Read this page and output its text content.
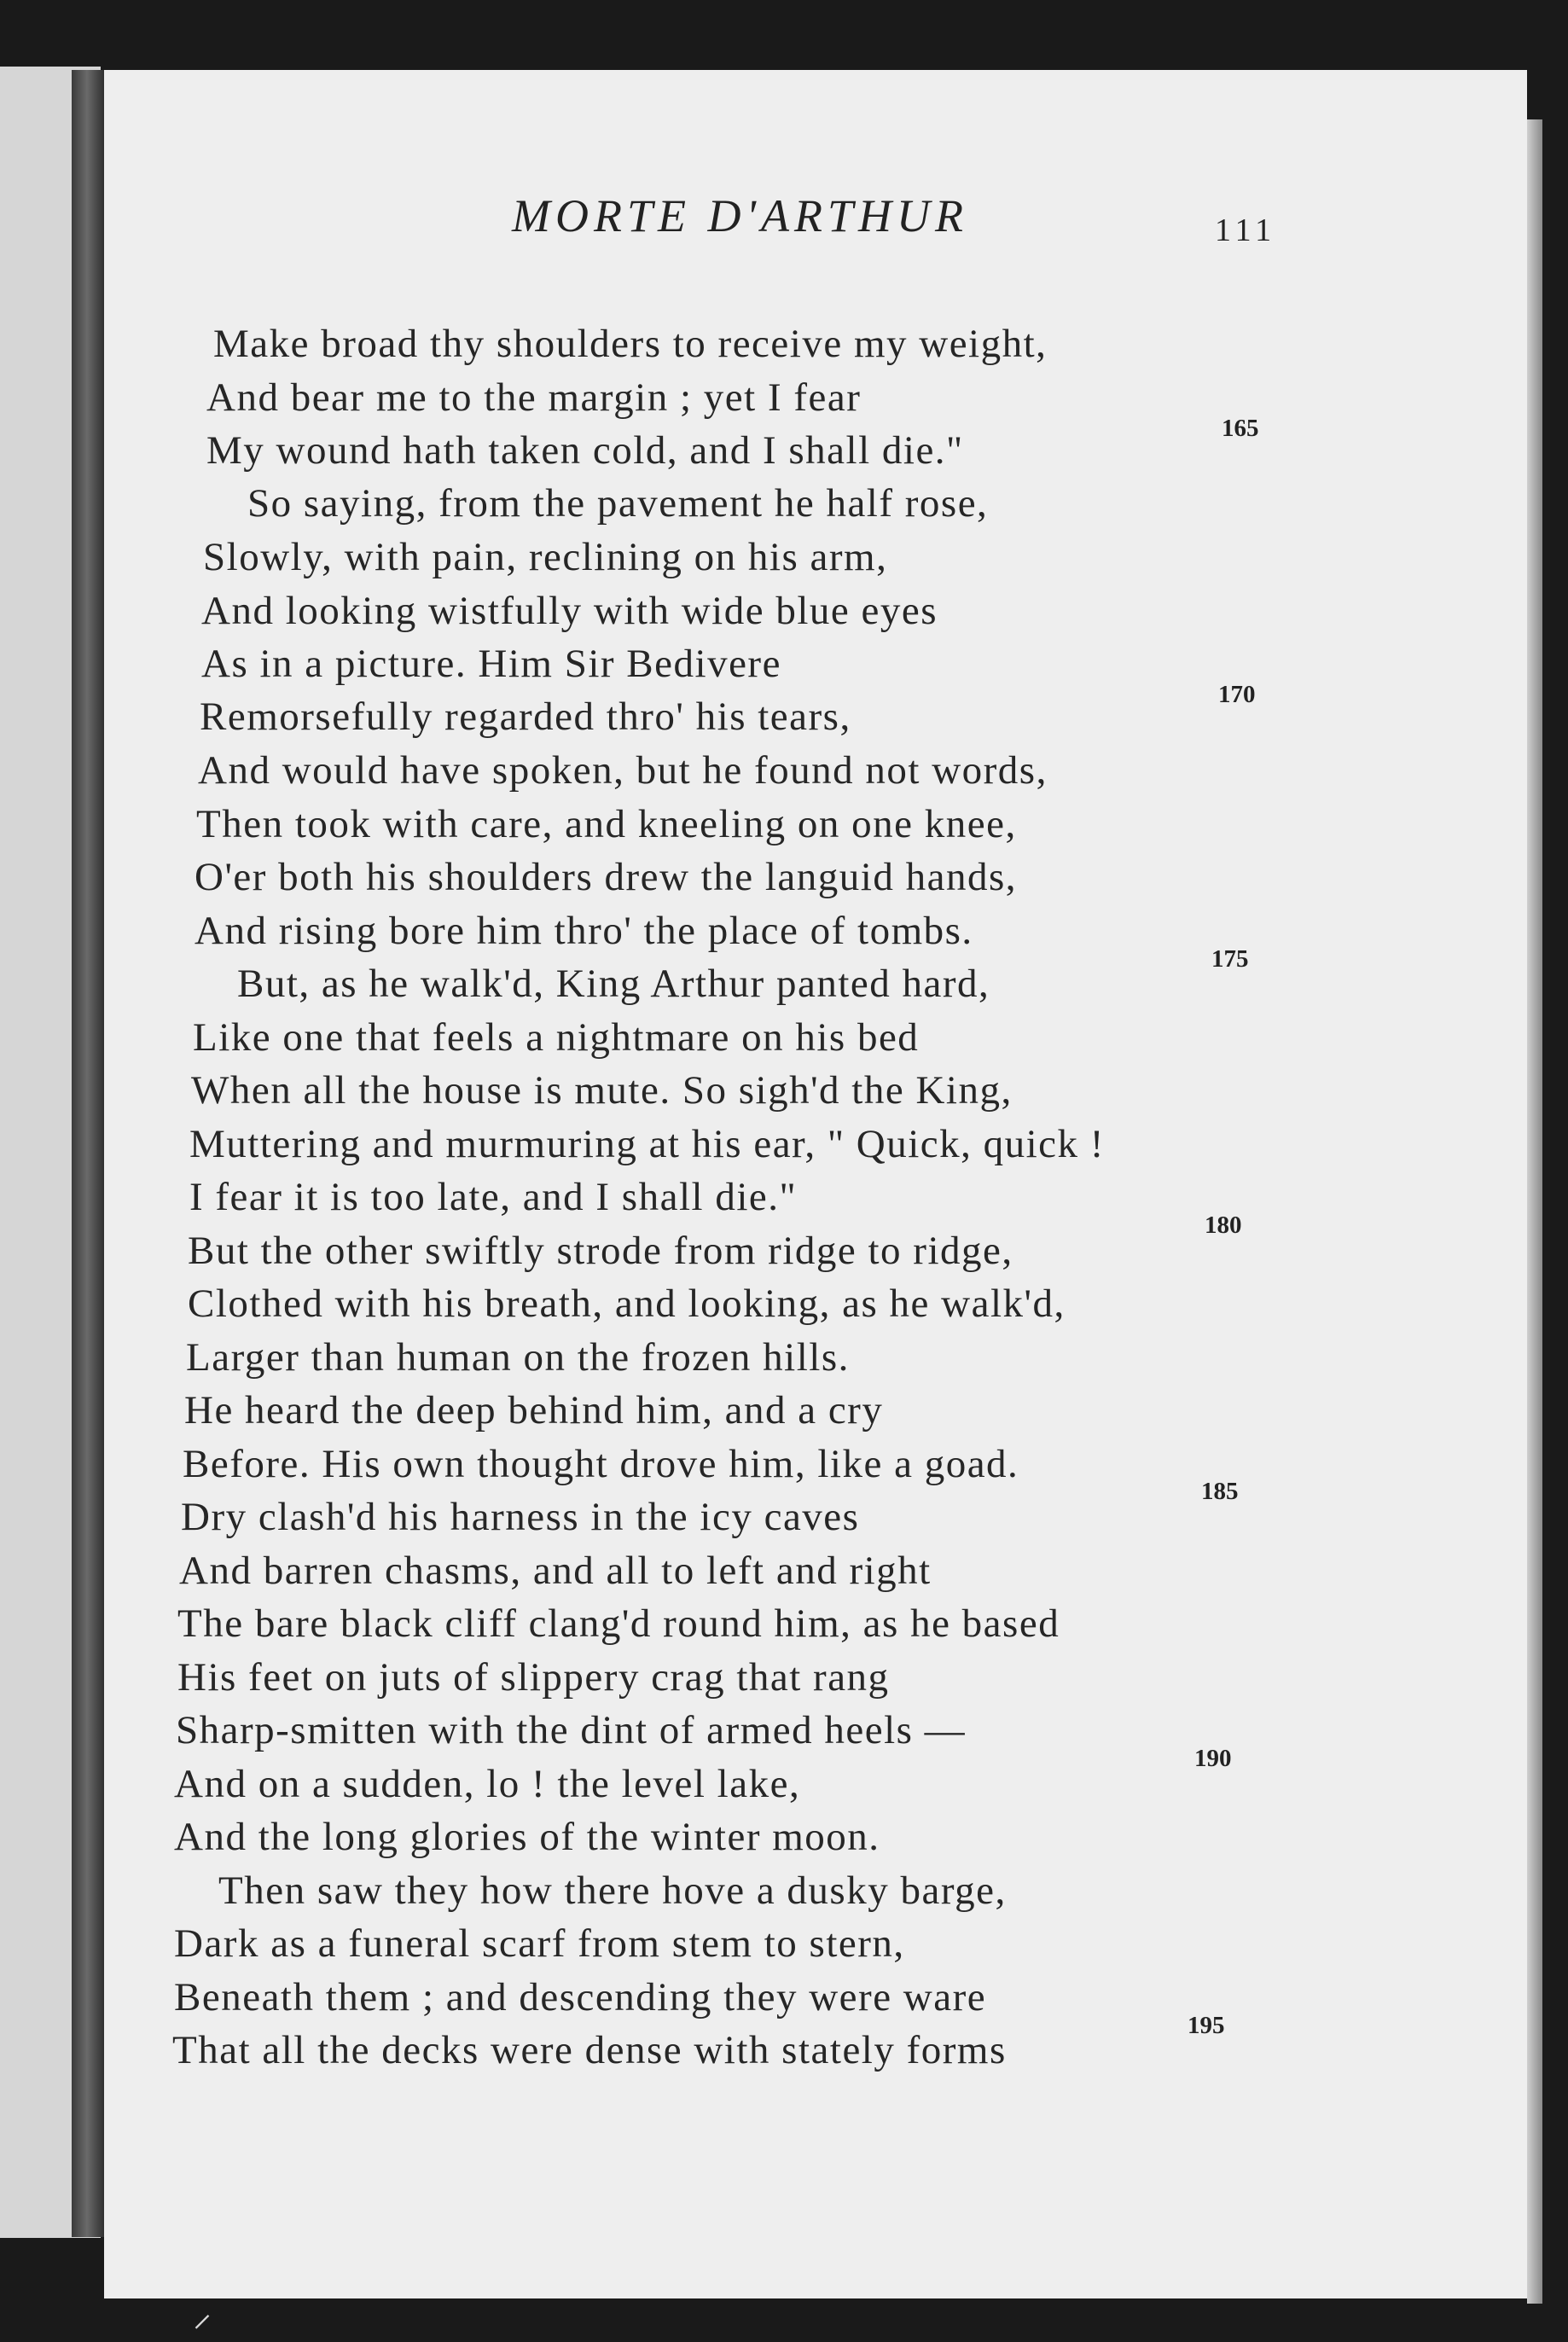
MORTE D'ARTHUR	111
Make broad thy shoulders to receive my weight,
And bear me to the margin ; yet I fear
My wound hath taken cold, and I shall die."
So saying, from the pavement he half rose,
Slowly, with pain, reclining on his arm,
And looking wistfully with wide blue eyes
As in a picture. Him Sir Bedivere
Remorsefully regarded thro' his tears,
And would have spoken, but he found not words,
Then took with care, and kneeling on one knee,
O'er both his shoulders drew the languid hands,
And rising bore him thro' the place of tombs.
But, as he walk'd, King Arthur panted hard,
Like one that feels a nightmare on his bed
When all the house is mute. So sigh'd the King,
Muttering and murmuring at his ear, " Quick, quick !
I fear it is too late, and I shall die."
But the other swiftly strode from ridge to ridge,
Clothed with his breath, and looking, as he walk'd,
Larger than human on the frozen hills.
He heard the deep behind him, and a cry
Before. His own thought drove him, like a goad.
Dry clash'd his harness in the icy caves
And barren chasms, and all to left and right
The bare black cliff clang'd round him, as he based
His feet on juts of slippery crag that rang
Sharp-smitten with the dint of armed heels —
And on a sudden, lo ! the level lake,
And the long glories of the winter moon.
Then saw they how there hove a dusky barge,
Dark as a funeral scarf from stem to stern,
Beneath them ; and descending they were ware
That all the decks were dense with stately forms
165
170
175
180
185
190
195
⸝
